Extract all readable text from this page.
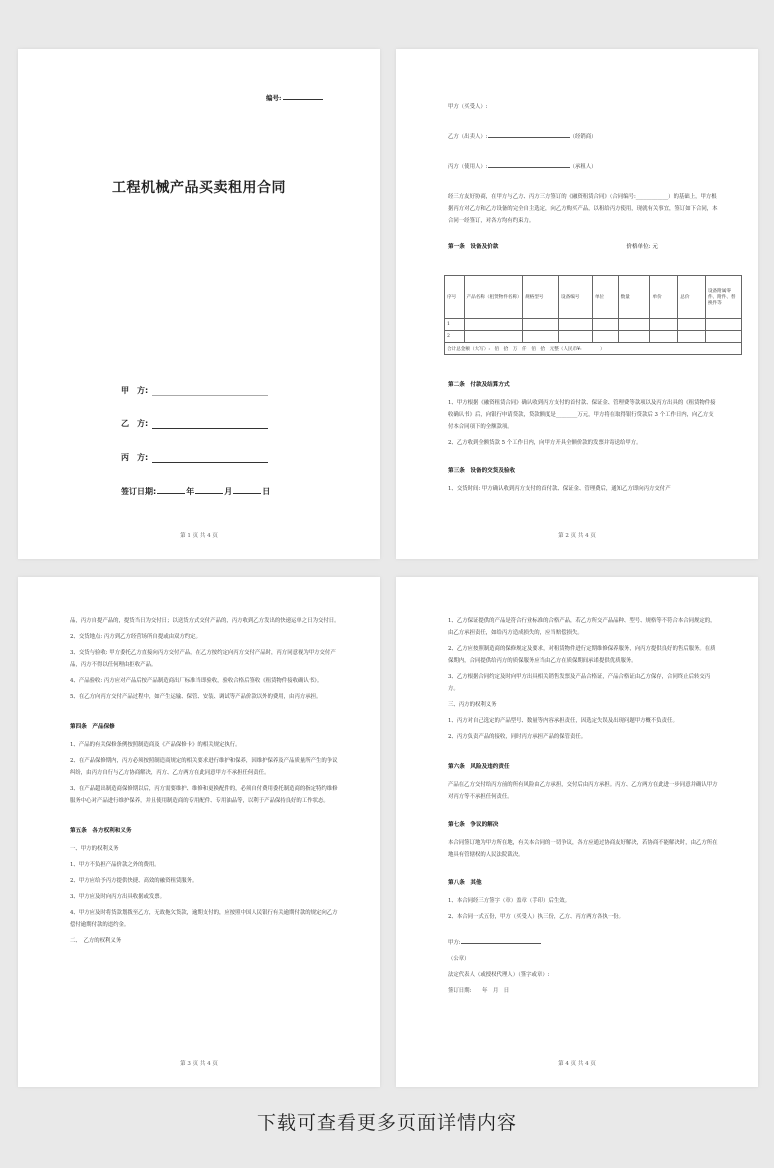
编号:
工程机械产品买卖租用合同
甲　方:
乙　方:
丙　方:
签订日期:	年	月	日
第 1 页 共 4 页

甲方（买受人）:

乙方（出卖人）:	（经销商）

丙方（使用人）:	（承租人）

经三方友好协商，在甲方与乙方、丙方三方签订的《融资租赁合同》（合同编号:____________）的基础上，甲方根据丙方对乙方和乙方设备的完全自主选定，向乙方购买产品，以租给丙方使用，现就有关事宜，签订如下合同，本合同一经签订，对各方均有约束力。

第一条　设备及价款	价格单位: 元
序号	产品名称（租赁物件名称）	规格型号	设备编号	单位	数量	单价	总价	设备附属零件、附件、替换件等
1								
2								
合计总金额（大写）:　佰　拾　万　仟　佰　拾　元整（人民币¥:　　　　）								
第二条　付款及结算方式

1、甲方根据《融资租赁合同》确认收到丙方支付的首付款、保证金、管理费等款项以及丙方出具的《租赁物件接收确认书》后，向银行申请贷款，贷款额度是________万元，甲方将在取得银行贷款后 3 个工作日内，向乙方支付本合同项下的全额款项。

2、乙方收到全额货款 5 个工作日内，向甲方开具全额价款的发票并寄送给甲方。

第三条　设备的交货及验收

1、交货时间: 甲方确认收到丙方支付的首付款、保证金、管理费后，通知乙方即向丙方交付产

第 2 页 共 4 页

品，丙方自提产品的，提货当日为交付日；以送货方式交付产品的，丙方收到乙方发出的快递运单之日为交付日。

2、交货地点: 丙方到乙方经营场所自提或由双方约定。

3、交货与验收: 甲方委托乙方直接向丙方交付产品，在乙方按约定向丙方交付产品时，丙方同意视为甲方交付产品，丙方不得以任何理由拒收产品。

4、产品验收: 丙方应对产品后按产品制造商出厂标准当即验收，验收合格后签收《租赁物件接收确认书》。

5、在乙方向丙方交付产品过程中，如产生运输、保管、安装、调试等产品价款以外的费用，由丙方承担。

第四条　产品保修

1、产品的有关保修条例按照制造商及《产品保修卡》的相关规定执行。

2、在产品保修期内，丙方必须按照制造商规定的相关要求进行维护和保养，因维护保养及产品质量所产生的争议纠纷，由丙方自行与乙方协商解决，丙方、乙方两方在此同意甲方不承担任何责任。

3、在产品超出制造商保修期以后，丙方需要维护、维修和更换配件的，必须自付费用委托制造商的指定特约维修服务中心对产品进行维护保养，并且使用制造商的专用配件、专用油品等，以利于产品保持良好的工作状态。

第五条　各方权利和义务

一、甲方的权利义务

1、甲方不负担产品价款之外的费用。

2、甲方应给予丙方提供快捷、高效的融资租赁服务。

3、甲方应及时向丙方出具收据或发票。

4、甲方应及时将货款划拨至乙方，无故拖欠货款，逾期支付的，应按照中国人民银行有关逾期付款的规定向乙方偿付逾期付款的违约金。

二、　乙方的权利义务

第 3 页 共 4 页

1、乙方保证提供的产品是符合行业标准的合格产品，若乙方所交产品品种、型号、规格等不符合本合同规定的，由乙方承担责任，如给丙方造成损失的，应当赔偿损失。

2、乙方应按照制造商的保修规定及要求，对租赁物件进行定期维修保养服务，向丙方提供良好的售后服务。在质保期内，合同提供给丙方的质保服务应当由乙方在质保期间承诺提供优质服务。

3、乙方根据合同约定及时向甲方出具相关销售发票及产品合格证，产品合格证由乙方保存，合同终止后转交丙方。

三、丙方的权利义务

1、丙方对自己选定的产品型号、数量等内容承担责任，因选定失误及出现问题甲方概不负责任。

2、丙方负责产品的接收，同时丙方承担产品的保管责任。

第六条　风险及违约责任

产品在乙方交付给丙方前的所有风险由乙方承担，交付后由丙方承担。丙方、乙方两方在此进一步同意并确认甲方对丙方等不承担任何责任。

第七条　争议的解决

本合同签订地为甲方所在地，有关本合同的一切争议，各方应通过协商友好解决，若协商不能解决时，由乙方所在地具有管辖权的人民法院裁决。

第八条　其他

1、本合同经三方签字（章）盖章（手印）后生效。

2、本合同一式五份，甲方（买受人）执三份，乙方、丙方两方各执一份。

甲方:

（公章）

法定代表人（或授权代理人）（签字或章）:

签订日期:　　年　月　日

第 4 页 共 4 页
下载可查看更多页面详情内容
